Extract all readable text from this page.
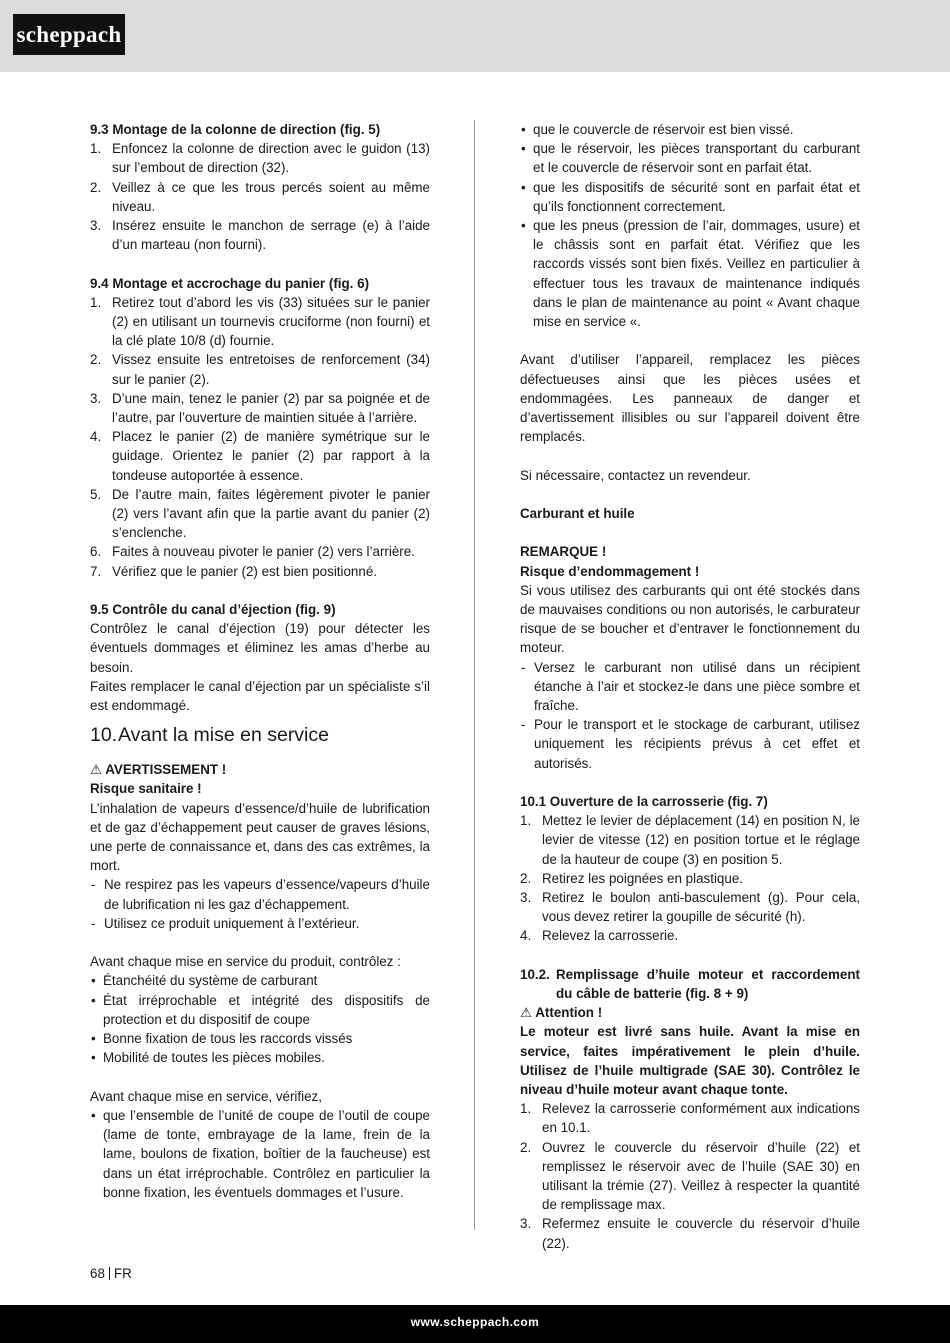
scheppach

9.3 Montage de la colonne de direction (fig. 5)

1. Enfoncez la colonne de direction avec le guidon (13) sur l’embout de direction (32).
2. Veillez à ce que les trous percés soient au même niveau.
3. Insérez ensuite le manchon de serrage (e) à l’aide d’un marteau (non fourni).

9.4 Montage et accrochage du panier (fig. 6)

1. Retirez tout d’abord les vis (33) situées sur le panier (2) en utilisant un tournevis cruciforme (non fourni) et la clé plate 10/8 (d) fournie.
2. Vissez ensuite les entretoises de renforcement (34) sur le panier (2).
3. D’une main, tenez le panier (2) par sa poignée et de l’autre, par l’ouverture de maintien située à l’arrière.
4. Placez le panier (2) de manière symétrique sur le guidage. Orientez le panier (2) par rapport à la tondeuse autoportée à essence.
5. De l’autre main, faites légèrement pivoter le panier (2) vers l’avant afin que la partie avant du panier (2) s’enclenche.
6. Faites à nouveau pivoter le panier (2) vers l’arrière.
7. Vérifiez que le panier (2) est bien positionné.

9.5 Contrôle du canal d’éjection (fig. 9)

Contrôlez le canal d’éjection (19) pour détecter les éventuels dommages et éliminez les amas d’herbe au besoin.

Faites remplacer le canal d’éjection par un spécialiste s’il est endommagé.

10.Avant la mise en service

⚠ AVERTISSEMENT !

Risque sanitaire !

L’inhalation de vapeurs d’essence/d’huile de lubrification et de gaz d’échappement peut causer de graves lésions, une perte de connaissance et, dans des cas extrêmes, la mort.

- Ne respirez pas les vapeurs d’essence/vapeurs d’huile de lubrification ni les gaz d’échappement.
- Utilisez ce produit uniquement à l’extérieur.

Avant chaque mise en service du produit, contrôlez :

• Étanchéité du système de carburant
• État irréprochable et intégrité des dispositifs de protection et du dispositif de coupe
• Bonne fixation de tous les raccords vissés
• Mobilité de toutes les pièces mobiles.

Avant chaque mise en service, vérifiez,

• que l’ensemble de l’unité de coupe de l’outil de coupe (lame de tonte, embrayage de la lame, frein de la lame, boulons de fixation, boîtier de la faucheuse) est dans un état irréprochable. Contrôlez en particulier la bonne fixation, les éventuels dommages et l’usure.
• que le couvercle de réservoir est bien vissé.
• que le réservoir, les pièces transportant du carburant et le couvercle de réservoir sont en parfait état.
• que les dispositifs de sécurité sont en parfait état et qu’ils fonctionnent correctement.
• que les pneus (pression de l’air, dommages, usure) et le châssis sont en parfait état. Vérifiez que les raccords vissés sont bien fixés. Veillez en particulier à effectuer tous les travaux de maintenance indiqués dans le plan de maintenance au point « Avant chaque mise en service «.

Avant d’utiliser l’appareil, remplacez les pièces défectueuses ainsi que les pièces usées et endommagées. Les panneaux de danger et d’avertissement illisibles ou sur l’appareil doivent être remplacés.

Si nécessaire, contactez un revendeur.

Carburant et huile

REMARQUE !

Risque d’endommagement !

Si vous utilisez des carburants qui ont été stockés dans de mauvaises conditions ou non autorisés, le carburateur risque de se boucher et d’entraver le fonctionnement du moteur.

- Versez le carburant non utilisé dans un récipient étanche à l’air et stockez-le dans une pièce sombre et fraîche.
- Pour le transport et le stockage de carburant, utilisez uniquement les récipients prévus à cet effet et autorisés.

10.1 Ouverture de la carrosserie (fig. 7)

1. Mettez le levier de déplacement (14) en position N, le levier de vitesse (12) en position tortue et le réglage de la hauteur de coupe (3) en position 5.
2. Retirez les poignées en plastique.
3. Retirez le boulon anti-basculement (g). Pour cela, vous devez retirer la goupille de sécurité (h).
4. Relevez la carrosserie.

10.2. Remplissage d’huile moteur et raccordement du câble de batterie (fig. 8 + 9)

⚠ Attention !

Le moteur est livré sans huile. Avant la mise en service, faites impérativement le plein d’huile. Utilisez de l’huile multigrade (SAE 30). Contrôlez le niveau d’huile moteur avant chaque tonte.

1. Relevez la carrosserie conformément aux indications en 10.1.
2. Ouvrez le couvercle du réservoir d’huile (22) et remplissez le réservoir avec de l’huile (SAE 30) en utilisant la trémie (27). Veillez à respecter la quantité de remplissage max.
3. Refermez ensuite le couvercle du réservoir d’huile (22).
68 FR
www.scheppach.com
